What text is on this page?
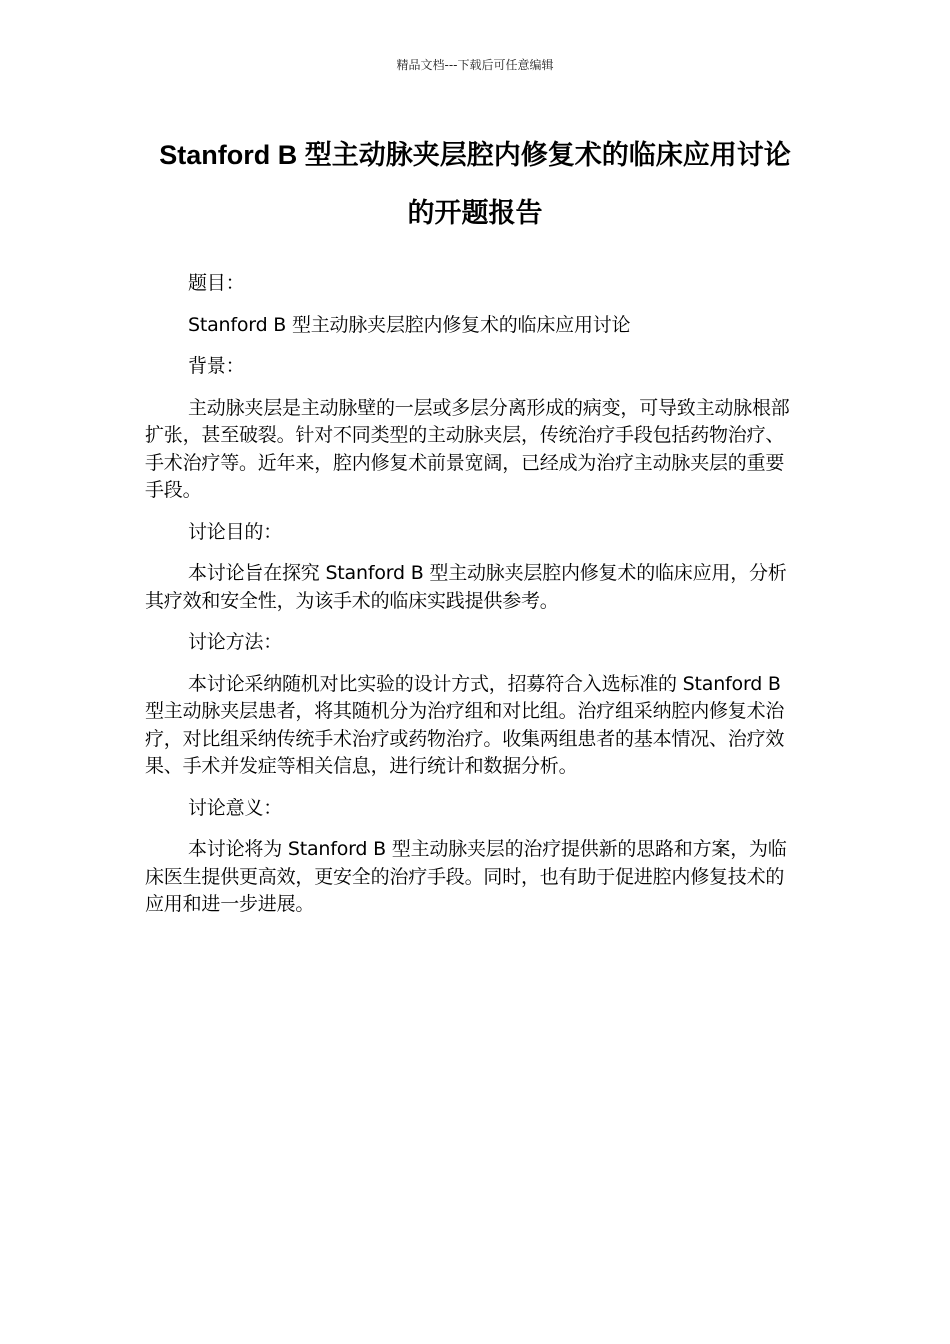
精品文档---下载后可任意编辑
Stanford B 型主动脉夹层腔内修复术的临床应用讨论
的开题报告

题目：

Stanford B 型主动脉夹层腔内修复术的临床应用讨论

背景：

主动脉夹层是主动脉壁的一层或多层分离形成的病变，可导致主动脉根部扩张，甚至破裂。针对不同类型的主动脉夹层，传统治疗手段包括药物治疗、手术治疗等。近年来，腔内修复术前景宽阔，已经成为治疗主动脉夹层的重要手段。

讨论目的：

本讨论旨在探究 Stanford B 型主动脉夹层腔内修复术的临床应用，分析其疗效和安全性，为该手术的临床实践提供参考。

讨论方法：

本讨论采纳随机对比实验的设计方式，招募符合入选标准的 Stanford B 型主动脉夹层患者，将其随机分为治疗组和对比组。治疗组采纳腔内修复术治疗，对比组采纳传统手术治疗或药物治疗。收集两组患者的基本情况、治疗效果、手术并发症等相关信息，进行统计和数据分析。

讨论意义：

本讨论将为 Stanford B 型主动脉夹层的治疗提供新的思路和方案，为临床医生提供更高效，更安全的治疗手段。同时，也有助于促进腔内修复技术的应用和进一步进展。
